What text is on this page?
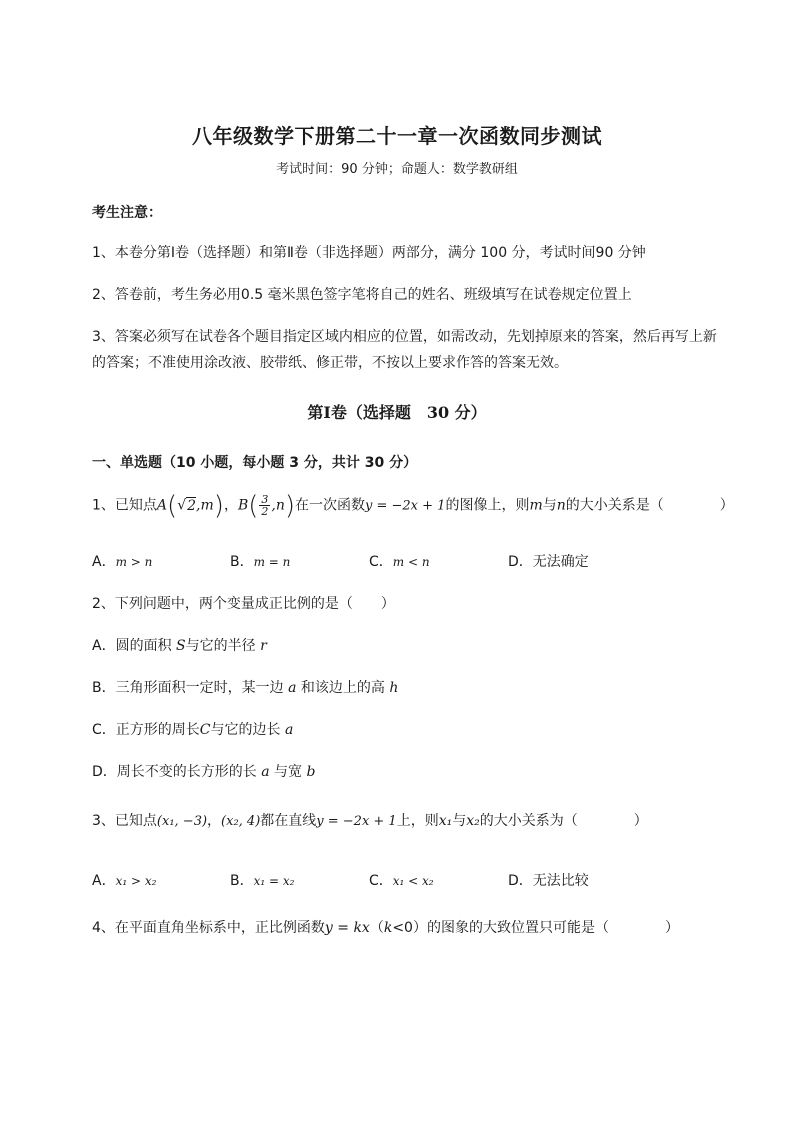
八年级数学下册第二十一章一次函数同步测试
考试时间：90 分钟；命题人：数学教研组
考生注意：
1、本卷分第Ⅰ卷（选择题）和第Ⅱ卷（非选择题）两部分，满分 100 分，考试时间90 分钟
2、答卷前，考生务必用0.5 毫米黑色签字笔将自己的姓名、班级填写在试卷规定位置上
3、答案必须写在试卷各个题目指定区域内相应的位置，如需改动，先划掉原来的答案，然后再写上新
的答案；不准使用涂改液、胶带纸、修正带，不按以上要求作答的答案无效。
第Ⅰ卷（选择题　30 分）
一、单选题（10 小题，每小题 3 分，共计 30 分）
1、已知点A(√2,m)，$B( \frac{3}{2} ,n)$在一次函数y = −2x + 1的图像上，则m与n的大小关系是（　　　　）
A．m > n	B．m = n	C．m < n	D．无法确定
2、下列问题中，两个变量成正比例的是（　　）
A．圆的面积 S与它的半径 r
B．三角形面积一定时，某一边 a 和该边上的高 h
C．正方形的周长C与它的边长 a
D．周长不变的长方形的长 a 与宽 b
3、已知点(x₁, −3)，(x₂, 4)都在直线y = −2x + 1上，则x₁与x₂的大小关系为（　　　　）
A．x₁ > x₂	B．x₁ = x₂	C．x₁ < x₂	D．无法比较
4、在平面直角坐标系中，正比例函数y = kx（k<0）的图象的大致位置只可能是（　　　　）
